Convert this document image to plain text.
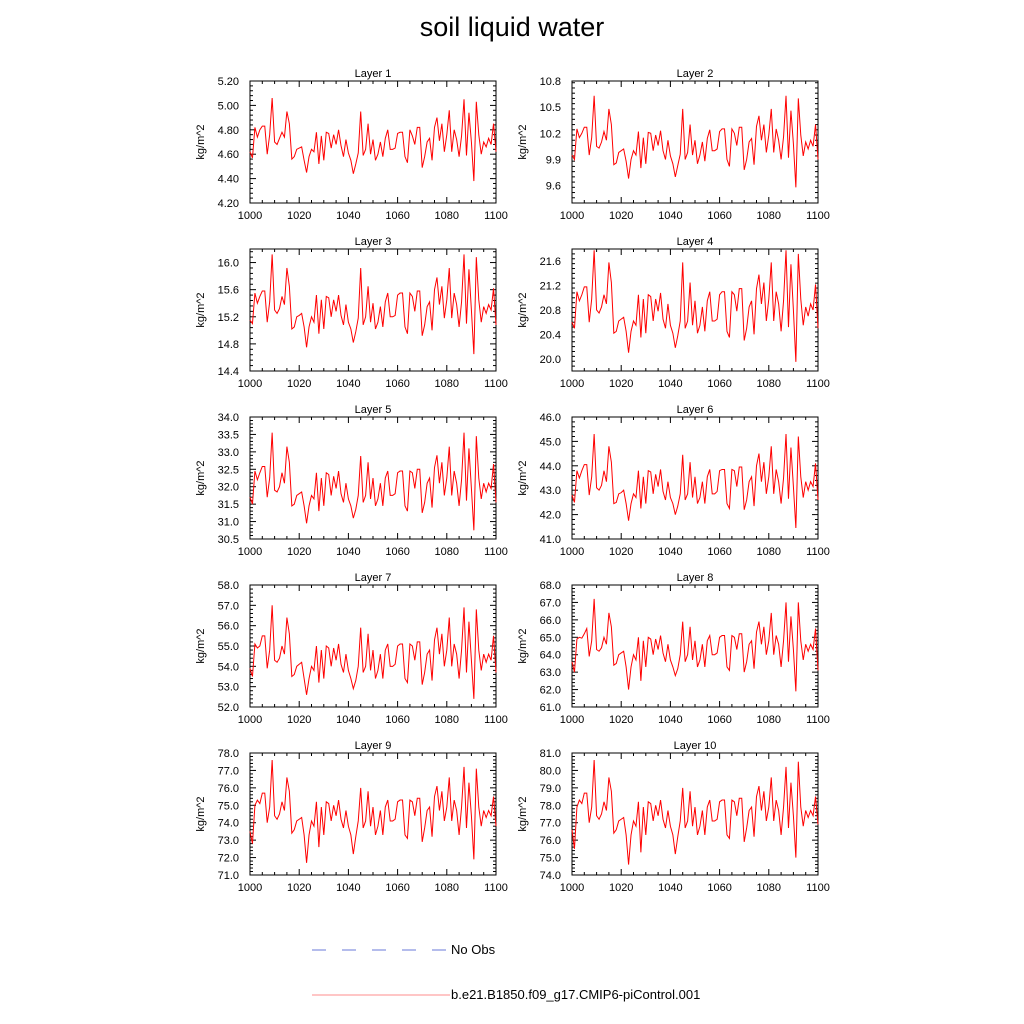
soil liquid water
Layer 1
kg/m^2
1000 1020 1040 1060 1080 1100
4.20
4.40
4.60
4.80
5.00
5.20
Layer 2
kg/m^2
1000 1020 1040 1060 1080 1100
9.6
9.9
10.2
10.5
10.8
Layer 3
kg/m^2
1000 1020 1040 1060 1080 1100
14.4
14.8
15.2
15.6
16.0
Layer 4
kg/m^2
1000 1020 1040 1060 1080 1100
20.0
20.4
20.8
21.2
21.6
Layer 5
kg/m^2
1000 1020 1040 1060 1080 1100
30.5
31.0
31.5
32.0
32.5
33.0
33.5
34.0
Layer 6
kg/m^2
1000 1020 1040 1060 1080 1100
41.0
42.0
43.0
44.0
45.0
46.0
Layer 7
kg/m^2
1000 1020 1040 1060 1080 1100
52.0
53.0
54.0
55.0
56.0
57.0
58.0
Layer 8
kg/m^2
1000 1020 1040 1060 1080 1100
61.0
62.0
63.0
64.0
65.0
66.0
67.0
68.0
Layer 9
kg/m^2
1000 1020 1040 1060 1080 1100
71.0
72.0
73.0
74.0
75.0
76.0
77.0
78.0
Layer 10
kg/m^2
1000 1020 1040 1060 1080 1100
74.0
75.0
76.0
77.0
78.0
79.0
80.0
81.0
No Obs
b.e21.B1850.f09_g17.CMIP6-piControl.001
